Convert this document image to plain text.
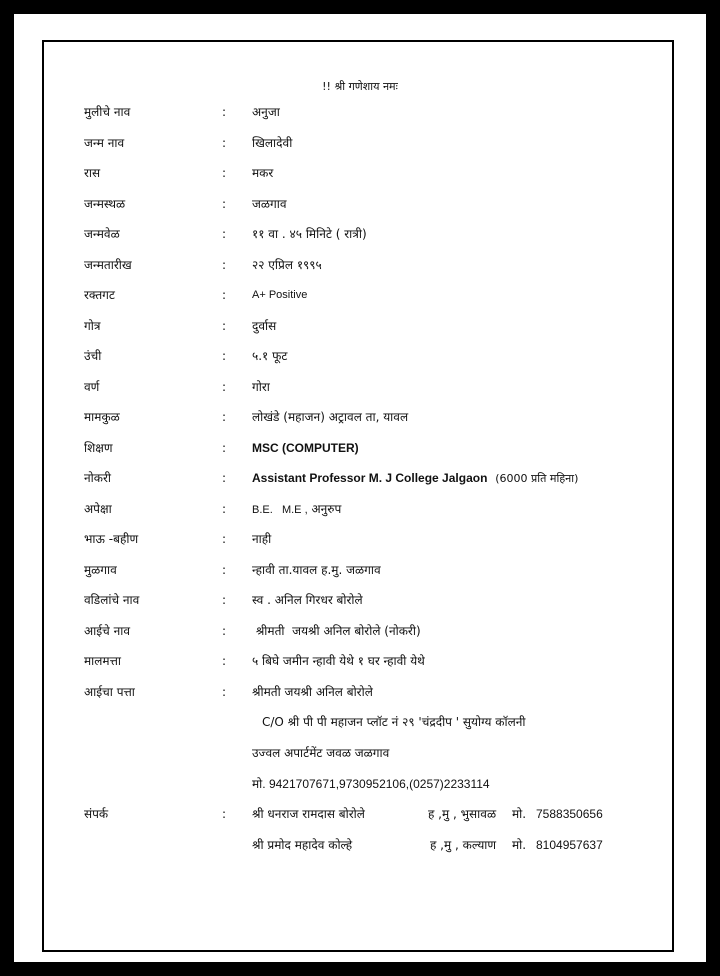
!! श्री गणेशाय नमः
मुलीचे नाव	: अनुजा
जन्म नाव	: खिलादेवी
रास	: मकर
जन्मस्थळ	: जळगाव
जन्मवेळ	: ११ वा . ४५ मिनिटे ( रात्री)
जन्मतारीख	: २२ एप्रिल १९९५
रक्तगट	: A+ Positive
गोत्र	: दुर्वास
उंची	: ५.१ फूट
वर्ण	: गोरा
मामकुळ	: लोखंडे (महाजन) अट्रावल ता, यावल
शिक्षण	: MSC (COMPUTER)
नोकरी	: Assistant Professor M. J College Jalgaon (6000 प्रति महिना)
अपेक्षा	: B.E.   M.E , अनुरुप
भाऊ -बहीण	: नाही
मुळगाव	: न्हावी ता.यावल ह.मु. जळगाव
वडिलांचे नाव	: स्व . अनिल गिरधर बोरोले
आईचे नाव	: श्रीमती  जयश्री अनिल बोरोले (नोकरी)
मालमत्ता	: ५ बिघे जमीन न्हावी येथे १ घर न्हावी येथे
आईचा पत्ता	: श्रीमती जयश्री अनिल बोरोले
C/O श्री पी पी महाजन प्लॉट नं २९ 'चंद्रदीप ' सुयोग्य कॉलनी
उज्वल अपार्टमेंट जवळ जळगाव
मो. 9421707671,9730952106,(0257)2233114
संपर्क	: श्री धनराज रामदास बोरोले	ह ,मु , भुसावळ मो. 7588350656
श्री प्रमोद महादेव कोल्हे	ह ,मु , कल्याण मो. 8104957637
